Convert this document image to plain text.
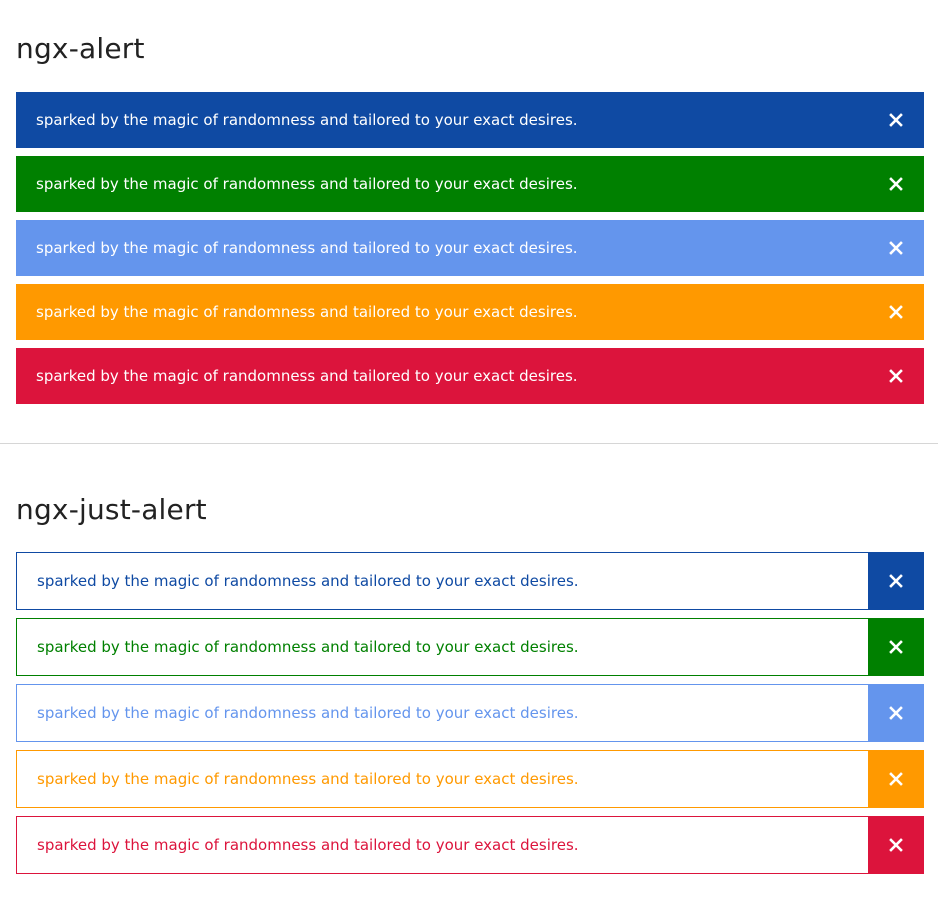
ngx-alert
sparked by the magic of randomness and tailored to your exact desires.
sparked by the magic of randomness and tailored to your exact desires.
sparked by the magic of randomness and tailored to your exact desires.
sparked by the magic of randomness and tailored to your exact desires.
sparked by the magic of randomness and tailored to your exact desires.
ngx-just-alert
sparked by the magic of randomness and tailored to your exact desires.
sparked by the magic of randomness and tailored to your exact desires.
sparked by the magic of randomness and tailored to your exact desires.
sparked by the magic of randomness and tailored to your exact desires.
sparked by the magic of randomness and tailored to your exact desires.
